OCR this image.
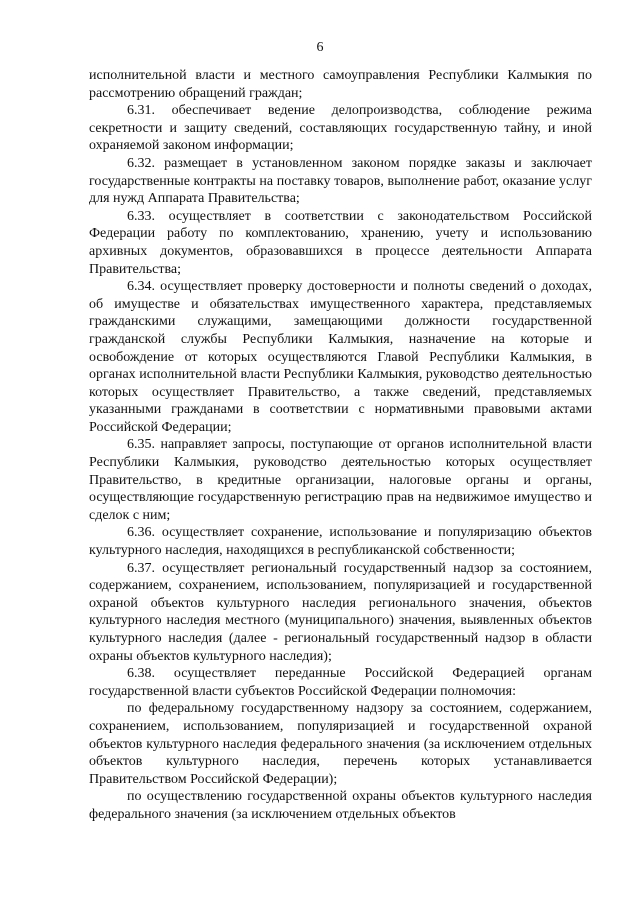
6

исполнительной власти и местного самоуправления Республики Калмыкия по рассмотрению обращений граждан;

6.31. обеспечивает ведение делопроизводства, соблюдение режима секретности и защиту сведений, составляющих государственную тайну, и иной охраняемой законом информации;

6.32. размещает в установленном законом порядке заказы и заключает государственные контракты на поставку товаров, выполнение работ, оказание услуг для нужд Аппарата Правительства;

6.33. осуществляет в соответствии с законодательством Российской Федерации работу по комплектованию, хранению, учету и использованию архивных документов, образовавшихся в процессе деятельности Аппарата Правительства;

6.34. осуществляет проверку достоверности и полноты сведений о доходах, об имуществе и обязательствах имущественного характера, представляемых гражданскими служащими, замещающими должности государственной гражданской службы Республики Калмыкия, назначение на которые и освобождение от которых осуществляются Главой Республики Калмыкия, в органах исполнительной власти Республики Калмыкия, руководство деятельностью которых осуществляет Правительство, а также сведений, представляемых указанными гражданами в соответствии с нормативными правовыми актами Российской Федерации;

6.35. направляет запросы, поступающие от органов исполнительной власти Республики Калмыкия, руководство деятельностью которых осуществляет Правительство, в кредитные организации, налоговые органы и органы, осуществляющие государственную регистрацию прав на недвижимое имущество и сделок с ним;

6.36. осуществляет сохранение, использование и популяризацию объектов культурного наследия, находящихся в республиканской собственности;

6.37. осуществляет региональный государственный надзор за состоянием, содержанием, сохранением, использованием, популяризацией и государственной охраной объектов культурного наследия регионального значения, объектов культурного наследия местного (муниципального) значения, выявленных объектов культурного наследия (далее - региональный государственный надзор в области охраны объектов культурного наследия);

6.38. осуществляет переданные Российской Федерацией органам государственной власти субъектов Российской Федерации полномочия:

по федеральному государственному надзору за состоянием, содержанием, сохранением, использованием, популяризацией и государственной охраной объектов культурного наследия федерального значения (за исключением отдельных объектов культурного наследия, перечень которых устанавливается Правительством Российской Федерации);

по осуществлению государственной охраны объектов культурного наследия федерального значения (за исключением отдельных объектов
